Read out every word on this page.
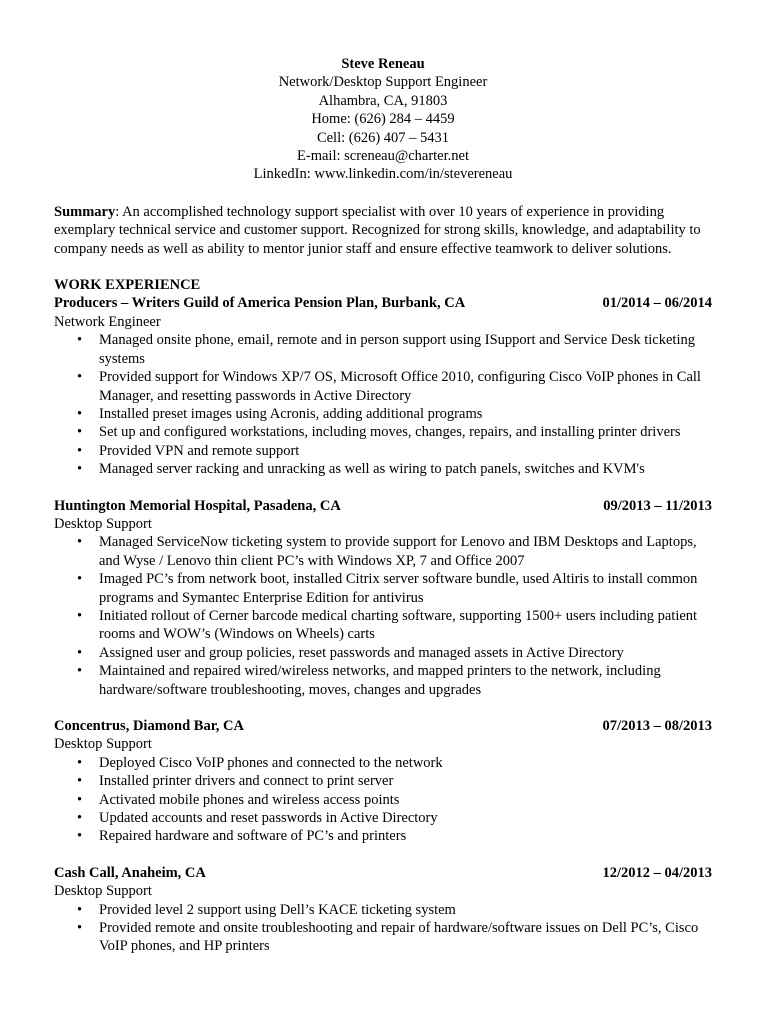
Steve Reneau
Network/Desktop Support Engineer
Alhambra, CA, 91803
Home: (626) 284 – 4459
Cell: (626) 407 – 5431
E-mail: screneau@charter.net
LinkedIn: www.linkedin.com/in/stevereneau
Summary: An accomplished technology support specialist with over 10 years of experience in providing exemplary technical service and customer support. Recognized for strong skills, knowledge, and adaptability to company needs as well as ability to mentor junior staff and ensure effective teamwork to deliver solutions.
WORK EXPERIENCE
Producers – Writers Guild of America Pension Plan, Burbank, CA	01/2014 – 06/2014
Network Engineer
• Managed onsite phone, email, remote and in person support using ISupport and Service Desk ticketing systems
• Provided support for Windows XP/7 OS, Microsoft Office 2010, configuring Cisco VoIP phones in Call Manager, and resetting passwords in Active Directory
• Installed preset images using Acronis, adding additional programs
• Set up and configured workstations, including moves, changes, repairs, and installing printer drivers
• Provided VPN and remote support
• Managed server racking and unracking as well as wiring to patch panels, switches and KVM's
Huntington Memorial Hospital, Pasadena, CA	09/2013 – 11/2013
Desktop Support
• Managed ServiceNow ticketing system to provide support for Lenovo and IBM Desktops and Laptops, and Wyse / Lenovo thin client PC’s with Windows XP, 7 and Office 2007
• Imaged PC’s from network boot, installed Citrix server software bundle, used Altiris to install common programs and Symantec Enterprise Edition for antivirus
• Initiated rollout of Cerner barcode medical charting software, supporting 1500+ users including patient rooms and WOW’s (Windows on Wheels) carts
• Assigned user and group policies, reset passwords and managed assets in Active Directory
• Maintained and repaired wired/wireless networks, and mapped printers to the network, including hardware/software troubleshooting, moves, changes and upgrades
Concentrus, Diamond Bar, CA	07/2013 – 08/2013
Desktop Support
• Deployed Cisco VoIP phones and connected to the network
• Installed printer drivers and connect to print server
• Activated mobile phones and wireless access points
• Updated accounts and reset passwords in Active Directory
• Repaired hardware and software of PC’s and printers
Cash Call, Anaheim, CA	12/2012 – 04/2013
Desktop Support
• Provided level 2 support using Dell’s KACE ticketing system
• Provided remote and onsite troubleshooting and repair of hardware/software issues on Dell PC’s, Cisco VoIP phones, and HP printers
